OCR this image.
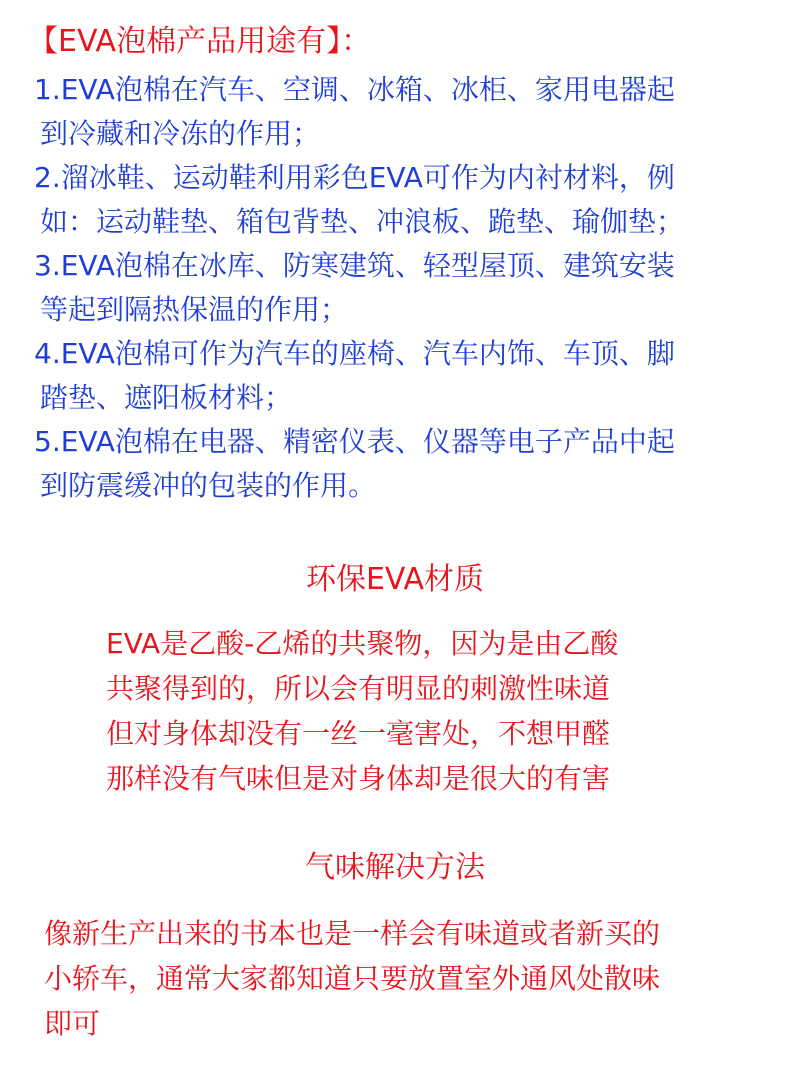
【EVA泡棉产品用途有】：
1.EVA泡棉在汽车、空调、冰箱、冰柜、家用电器起
到冷藏和冷冻的作用；
2.溜冰鞋、运动鞋利用彩色EVA可作为内衬材料，例
如：运动鞋垫、箱包背垫、冲浪板、跪垫、瑜伽垫；
3.EVA泡棉在冰库、防寒建筑、轻型屋顶、建筑安装
等起到隔热保温的作用；
4.EVA泡棉可作为汽车的座椅、汽车内饰、车顶、脚
踏垫、遮阳板材料；
5.EVA泡棉在电器、精密仪表、仪器等电子产品中起
到防震缓冲的包装的作用。
环保EVA材质

EVA是乙酸-乙烯的共聚物，因为是由乙酸
共聚得到的，所以会有明显的刺激性味道
但对身体却没有一丝一毫害处，不想甲醛
那样没有气味但是对身体却是很大的有害

气味解决方法

像新生产出来的书本也是一样会有味道或者新买的
小轿车，通常大家都知道只要放置室外通风处散味
即可
